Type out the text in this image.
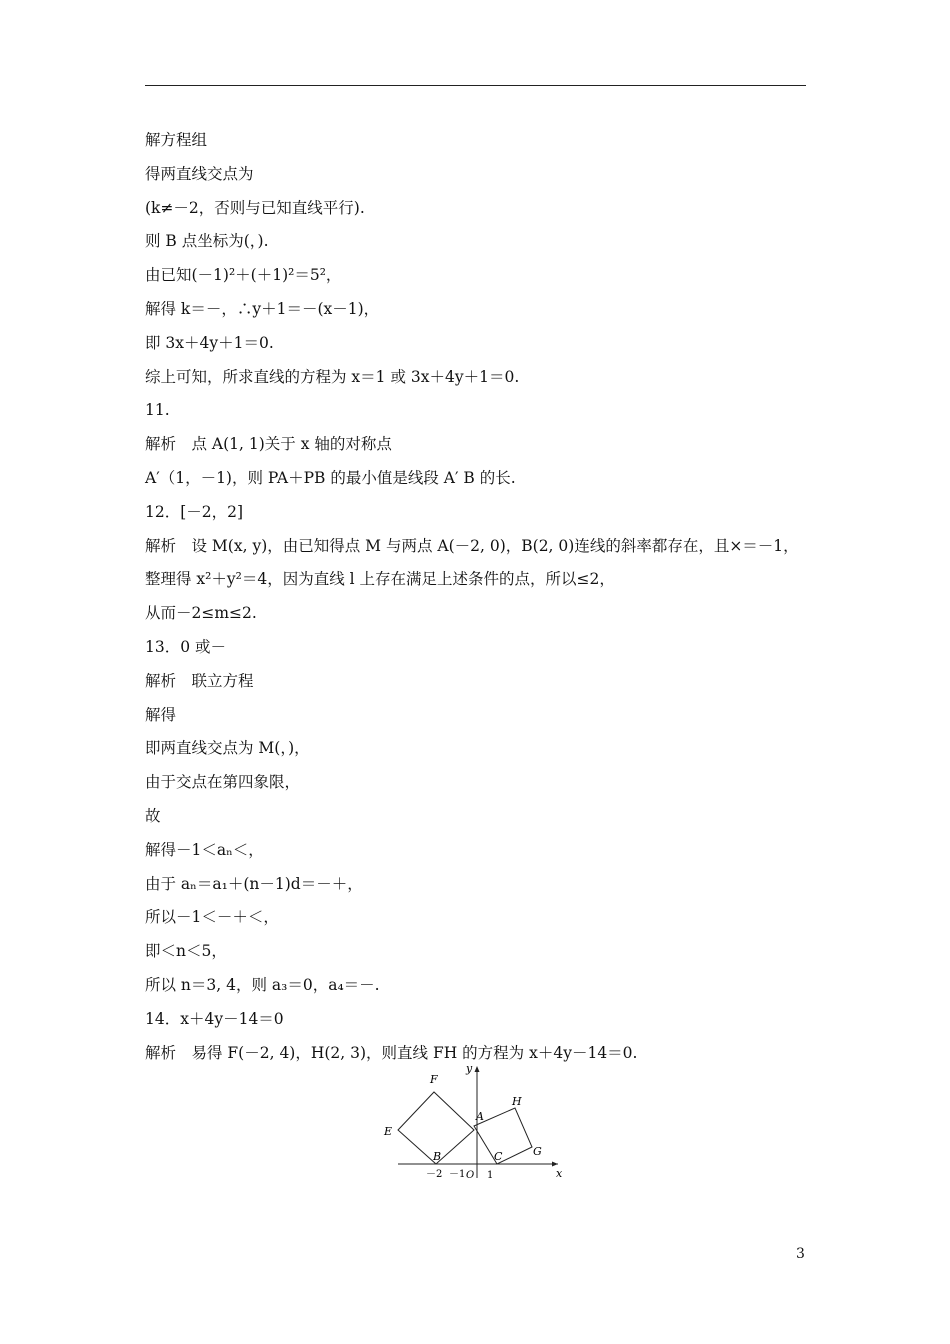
解方程组
得两直线交点为
(k≠－2，否则与已知直线平行).
则 B 点坐标为(，).
由已知(－1)²＋(＋1)²＝5²，
解得 k＝－，∴y＋1＝－(x－1)，
即 3x＋4y＋1＝0.
综上可知，所求直线的方程为 x＝1 或 3x＋4y＋1＝0.
11.
解析　点 A(1, 1)关于 x 轴的对称点
A′（1，－1)，则 PA＋PB 的最小值是线段 A′ B 的长.
12．[－2，2]
解析　设 M(x, y)，由已知得点 M 与两点 A(－2, 0)，B(2, 0)连线的斜率都存在，且×＝－1，整理得 x²＋y²＝4，因为直线 l 上存在满足上述条件的点，所以≤2，
从而－2≤m≤2.
13．0 或－
解析　联立方程
解得
即两直线交点为 M(，)，
由于交点在第四象限，
故
解得－1＜aₙ＜，
由于 aₙ＝a₁＋(n－1)d＝－＋，
所以－1＜－＋＜，
即＜n＜5，
所以 n＝3, 4，则 a₃＝0，a₄＝－.
14．x＋4y－14＝0
解析　易得 F(－2, 4)，H(2, 3)，则直线 FH 的方程为 x＋4y－14＝0.
F
E
A
B
H
C	G
x
y
－2 －1 O 1
3
